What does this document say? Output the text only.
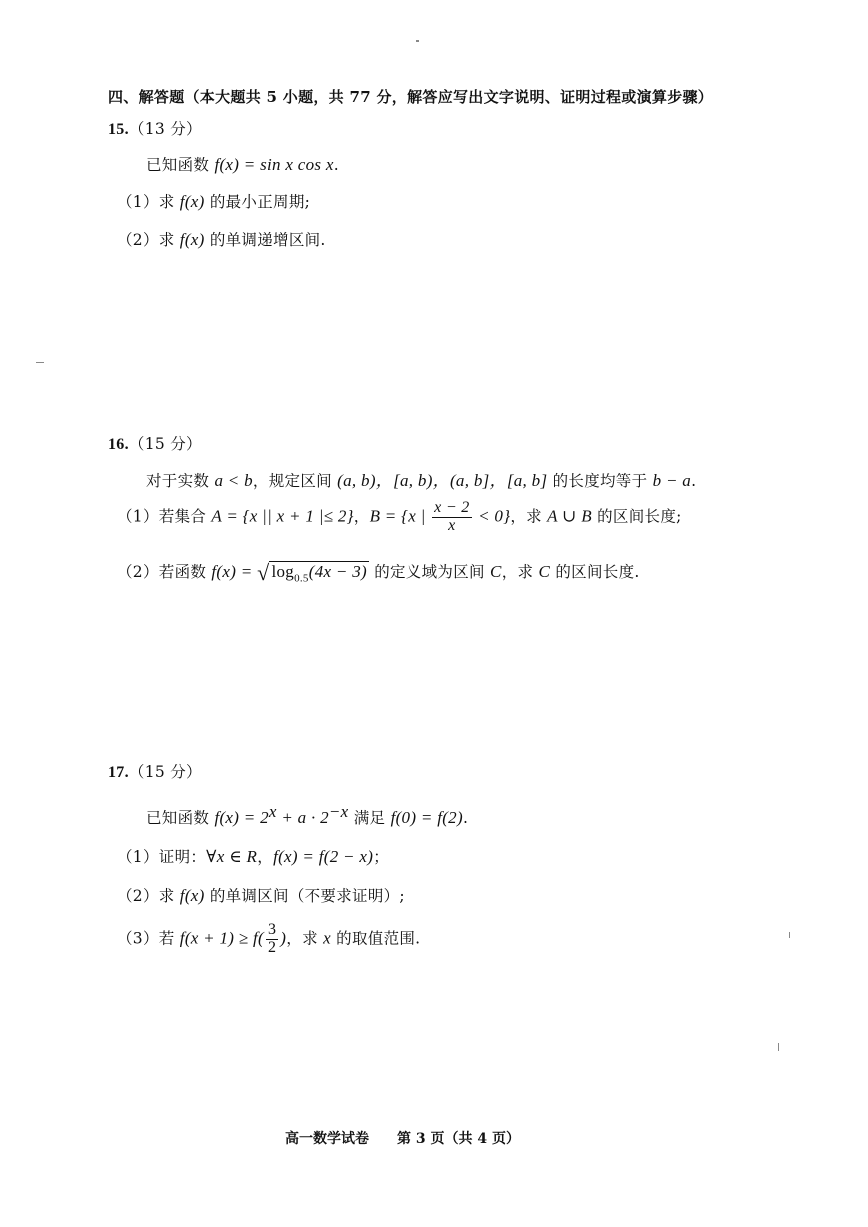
四、解答题（本大题共 5 小题，共 77 分，解答应写出文字说明、证明过程或演算步骤）
15.（13 分）
已知函数 f(x) = sin x cos x.
（1）求 f(x) 的最小正周期;
（2）求 f(x) 的单调递增区间.
16.（15 分）
对于实数 a < b，规定区间 (a, b)，[a, b)，(a, b]，[a, b] 的长度均等于 b − a.
（1）若集合 A = {x || x + 1 |≤ 2}，B = {x | $\frac{x - 2}{x} < 0$}，求 A ∪ B 的区间长度;
（2）若函数 f(x) = √ $\log_{0.5}(4x - 3)$ 的定义域为区间 C，求 C 的区间长度.
17.（15 分）
已知函数 $f(x) = 2^x + a \cdot 2^{-x}$ 满足 f(0) = f(2).
（1）证明：∀x ∈ R，f(x) = f(2 − x)；
（2）求 f(x) 的单调区间（不要求证明）;
（3）若 $f(x + 1) \ge f( \frac{3}{2}$ )，求 x 的取值范围.
高一数学试卷 第 3 页（共 4 页）
